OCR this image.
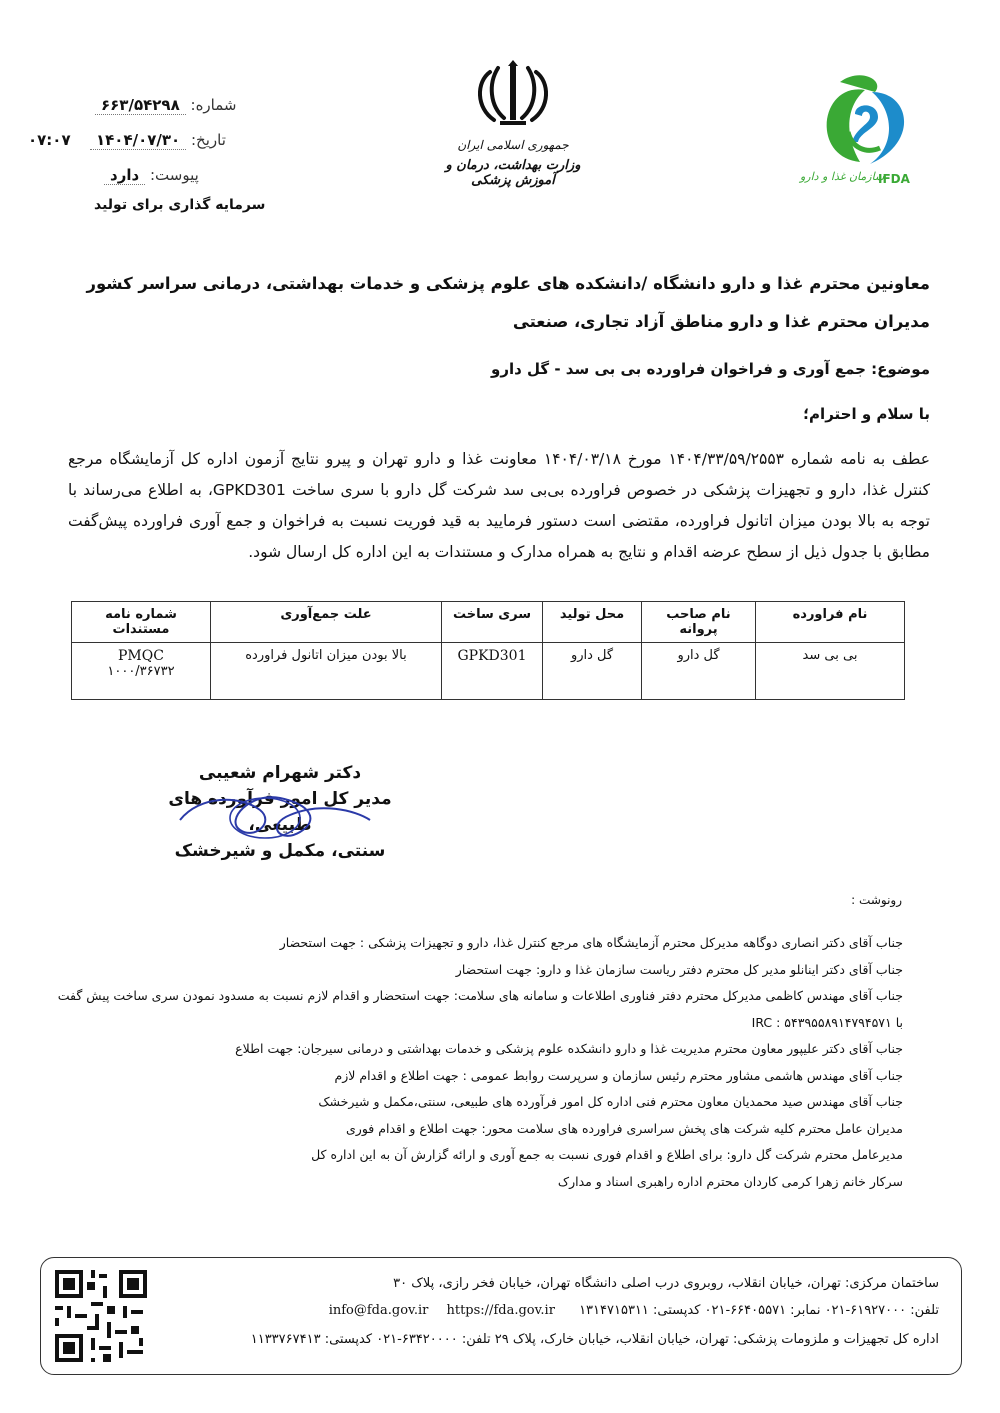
شماره: ۶۶۳/۵۴۲۹۸
تاریخ: ۱۴۰۴/۰۷/۳۰
۰۷:۰۷
پیوست: دارد
سرمایه گذاری برای تولید
جمهوری اسلامی ایران
وزارت بهداشت، درمان و آموزش پزشکی	سازمان غذا و دارو
IFDA
معاونین محترم غذا و دارو دانشگاه /دانشکده های علوم پزشکی و خدمات بهداشتی، درمانی سراسر کشور
مدیران محترم غذا و دارو مناطق آزاد تجاری، صنعتی
موضوع: جمع آوری و فراخوان فراورده بی بی سد - گل دارو
با سلام و احترام؛
عطف به نامه شماره ۱۴۰۴/۳۳/۵۹/۲۵۵۳ مورخ ۱۴۰۴/۰۳/۱۸ معاونت غذا و دارو تهران و پیرو نتایج آزمون اداره کل آزمایشگاه مرجع کنترل غذا، دارو و تجهیزات پزشکی در خصوص فراورده بی‌بی سد شرکت گل دارو با سری ساخت GPKD301، به اطلاع می‌رساند با توجه به بالا بودن میزان اتانول فراورده، مقتضی است دستور فرمایید به قید فوریت نسبت به فراخوان و جمع آوری فراورده پیش‌گفت مطابق با جدول ذیل از سطح عرضه اقدام و نتایج به همراه مدارک و مستندات به این اداره کل ارسال شود.
نام فراورده	نام صاحب پروانه	محل تولید	سری ساخت	علت جمع‌آوری	شماره نامه مستندات
بی بی سد	گل دارو	گل دارو	GPKD301	بالا بودن میزان اتانول فراورده	PMQC
۱۰۰۰/۳۶۷۳۲
دکتر شهرام شعیبی
مدیر کل امور فرآورده های طبیعی،
سنتی، مکمل و شیرخشک
رونوشت :
جناب آقای دکتر انصاری دوگاهه مدیرکل محترم آزمایشگاه های مرجع کنترل غذا، دارو و تجهیزات پزشکی : جهت استحضار
جناب آقای دکتر اینانلو مدیر کل محترم دفتر ریاست سازمان غذا و دارو: جهت استحضار
جناب آقای مهندس کاظمی مدیرکل محترم دفتر فناوری اطلاعات و سامانه های سلامت: جهت استحضار و اقدام لازم نسبت به مسدود نمودن سری ساخت پیش گفت
با IRC : ۵۴۳۹۵۵۸۹۱۴۷۹۴۵۷۱
جناب آقای دکتر علیپور معاون محترم مدیریت غذا و دارو دانشکده علوم پزشکی و خدمات بهداشتی و درمانی سیرجان: جهت اطلاع
جناب آقای مهندس هاشمی مشاور محترم رئیس سازمان و سرپرست روابط عمومی : جهت اطلاع و اقدام لازم
جناب آقای مهندس صید محمدیان معاون محترم فنی اداره کل امور فرآورده های طبیعی، سنتی،مکمل و شیرخشک
مدیران عامل محترم کلیه شرکت های پخش سراسری فراورده های سلامت محور: جهت اطلاع و اقدام فوری
مدیرعامل محترم شرکت گل دارو: برای اطلاع و اقدام فوری نسبت به جمع آوری و ارائه گزارش آن به این اداره کل
سرکار خانم زهرا کرمی کاردان محترم اداره راهبری اسناد و مدارک
ساختمان مرکزی: تهران، خیابان انقلاب، روبروی درب اصلی دانشگاه تهران، خیابان فخر رازی، پلاک ۳۰
تلفن: ۶۱۹۲۷۰۰۰-۰۲۱ نمابر: ۶۶۴۰۵۵۷۱-۰۲۱ کدپستی: ۱۳۱۴۷۱۵۳۱۱ info@fda.gov.ir https://fda.gov.ir
اداره کل تجهیزات و ملزومات پزشکی: تهران، خیابان انقلاب، خیابان خارک، پلاک ۲۹ تلفن: ۶۳۴۲۰۰۰۰-۰۲۱ کدپستی: ۱۱۳۳۷۶۷۴۱۳
